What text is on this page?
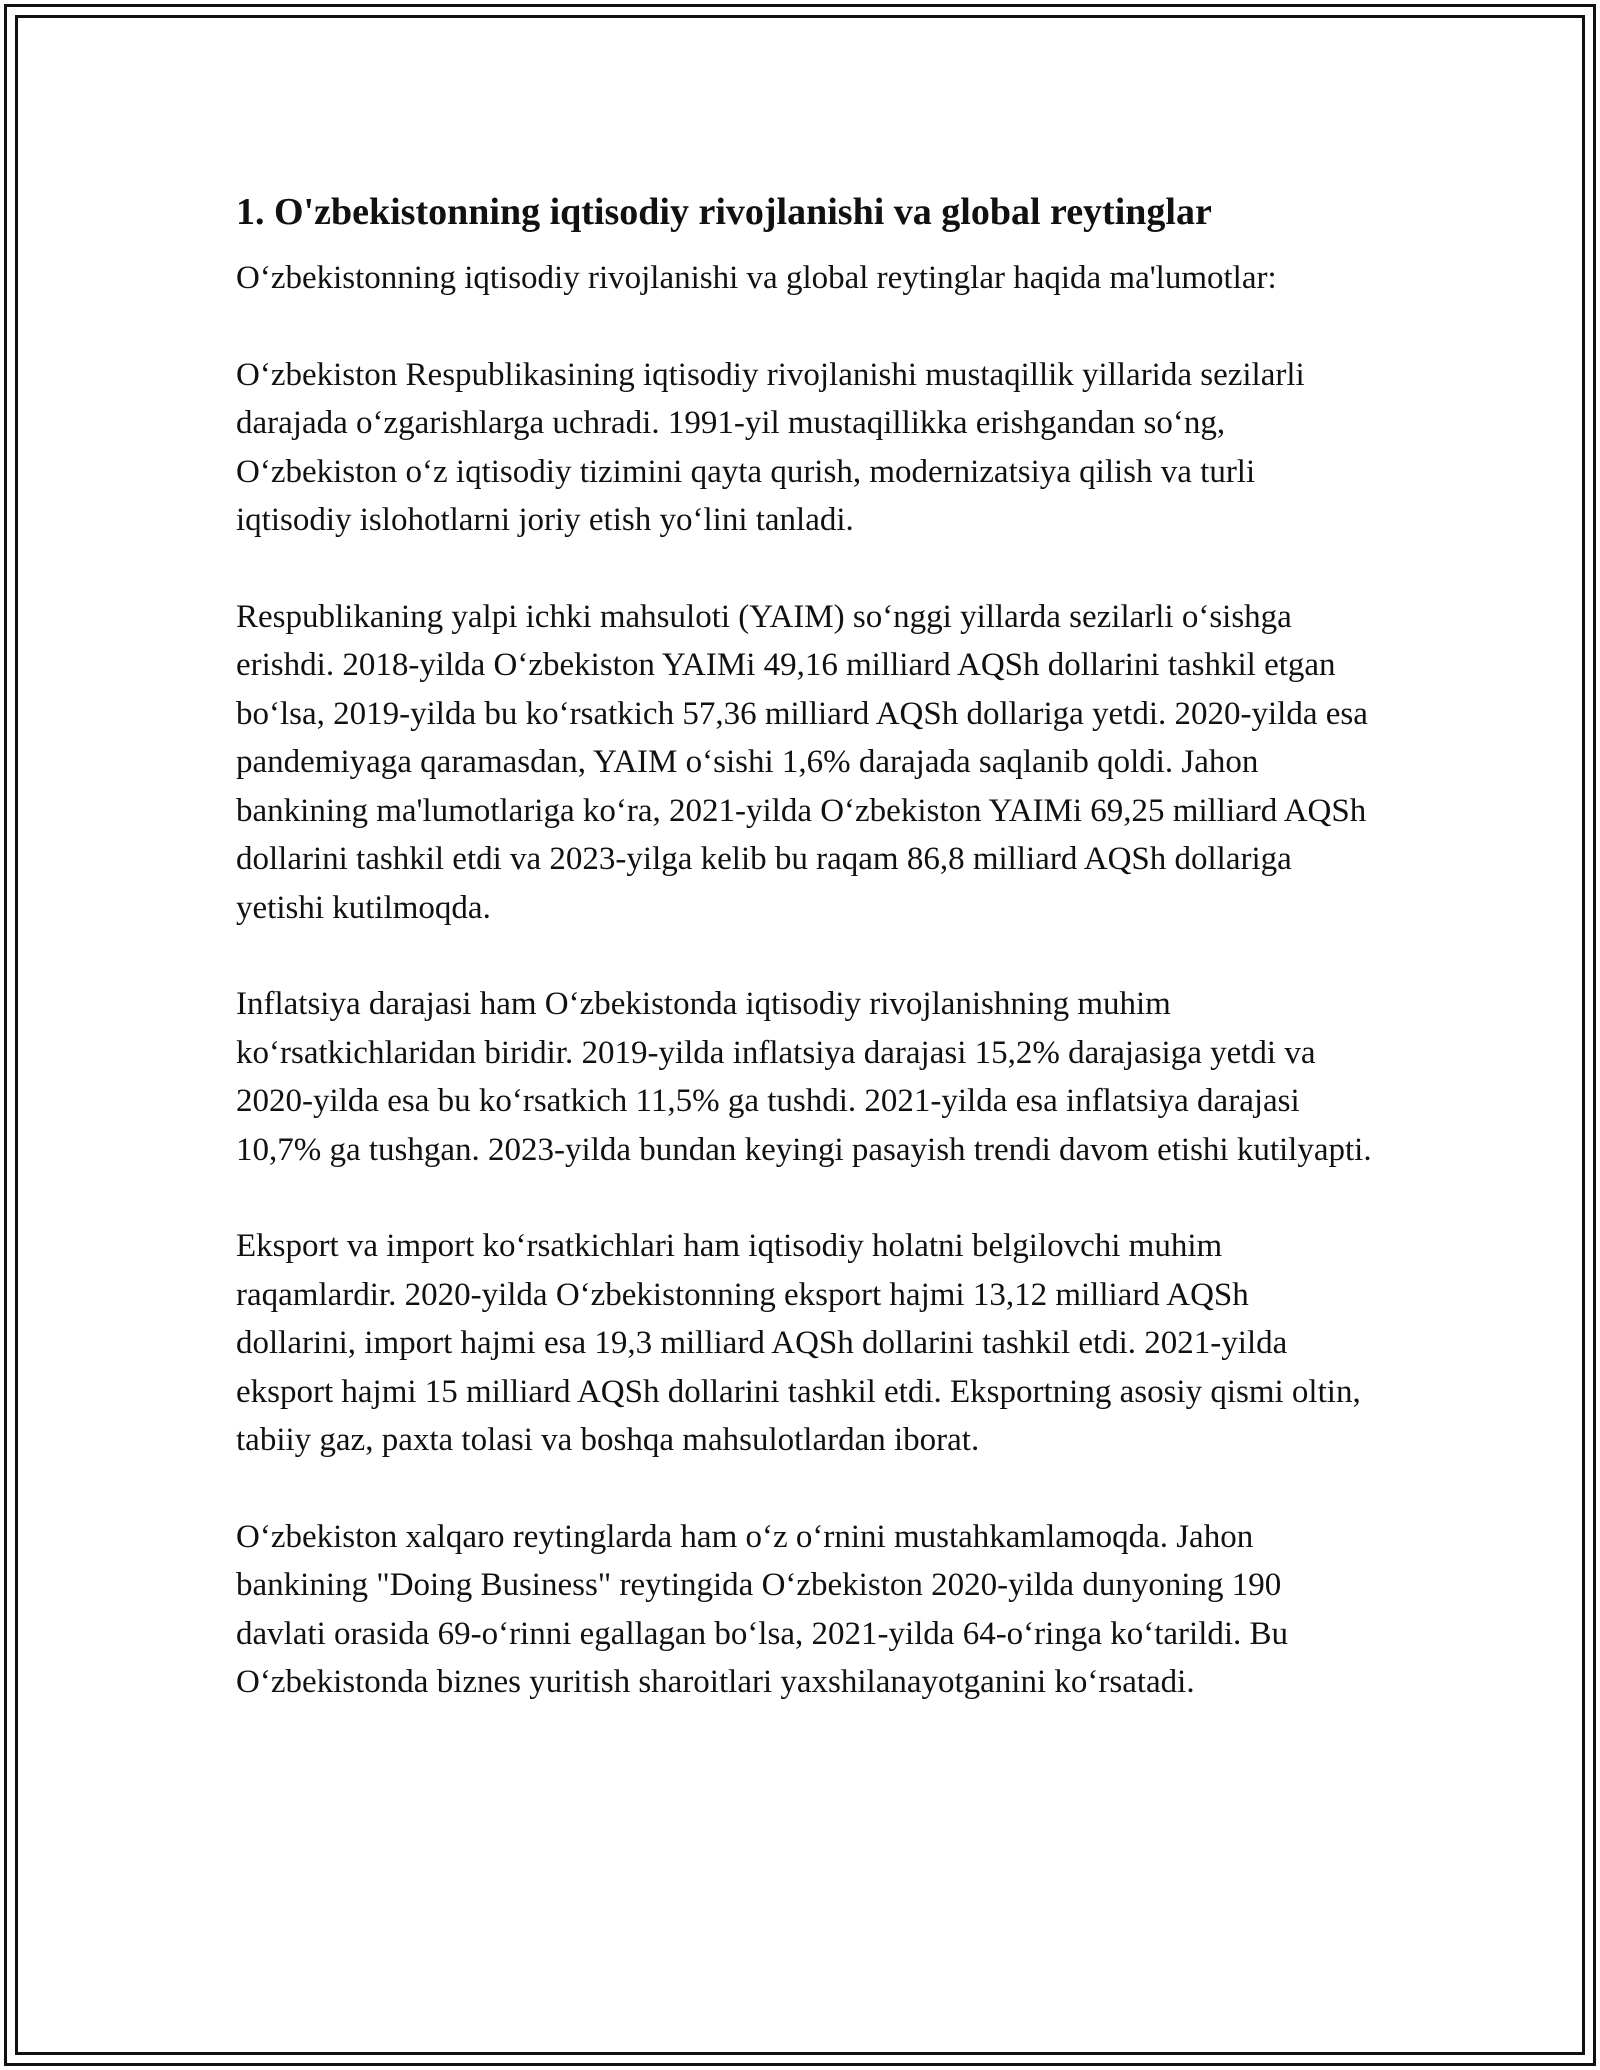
1. O'zbekistonning iqtisodiy rivojlanishi va global reytinglar

O‘zbekistonning iqtisodiy rivojlanishi va global reytinglar haqida ma'lumotlar:

O‘zbekiston Respublikasining iqtisodiy rivojlanishi mustaqillik yillarida sezilarli darajada o‘zgarishlarga uchradi. 1991-yil mustaqillikka erishgandan so‘ng, O‘zbekiston o‘z iqtisodiy tizimini qayta qurish, modernizatsiya qilish va turli iqtisodiy islohotlarni joriy etish yo‘lini tanladi.

Respublikaning yalpi ichki mahsuloti (YAIM) so‘nggi yillarda sezilarli o‘sishga erishdi. 2018-yilda O‘zbekiston YAIMi 49,16 milliard AQSh dollarini tashkil etgan bo‘lsa, 2019-yilda bu ko‘rsatkich 57,36 milliard AQSh dollariga yetdi. 2020-yilda esa pandemiyaga qaramasdan, YAIM o‘sishi 1,6% darajada saqlanib qoldi. Jahon bankining ma'lumotlariga ko‘ra, 2021-yilda O‘zbekiston YAIMi 69,25 milliard AQSh dollarini tashkil etdi va 2023-yilga kelib bu raqam 86,8 milliard AQSh dollariga yetishi kutilmoqda.

Inflatsiya darajasi ham O‘zbekistonda iqtisodiy rivojlanishning muhim ko‘rsatkichlaridan biridir. 2019-yilda inflatsiya darajasi 15,2% darajasiga yetdi va 2020-yilda esa bu ko‘rsatkich 11,5% ga tushdi. 2021-yilda esa inflatsiya darajasi 10,7% ga tushgan. 2023-yilda bundan keyingi pasayish trendi davom etishi kutilyapti.

Eksport va import ko‘rsatkichlari ham iqtisodiy holatni belgilovchi muhim raqamlardir. 2020-yilda O‘zbekistonning eksport hajmi 13,12 milliard AQSh dollarini, import hajmi esa 19,3 milliard AQSh dollarini tashkil etdi. 2021-yilda eksport hajmi 15 milliard AQSh dollarini tashkil etdi. Eksportning asosiy qismi oltin, tabiiy gaz, paxta tolasi va boshqa mahsulotlardan iborat.

O‘zbekiston xalqaro reytinglarda ham o‘z o‘rnini mustahkamlamoqda. Jahon bankining "Doing Business" reytingida O‘zbekiston 2020-yilda dunyoning 190 davlati orasida 69-o‘rinni egallagan bo‘lsa, 2021-yilda 64-o‘ringa ko‘tarildi. Bu O‘zbekistonda biznes yuritish sharoitlari yaxshilanayotganini ko‘rsatadi.
